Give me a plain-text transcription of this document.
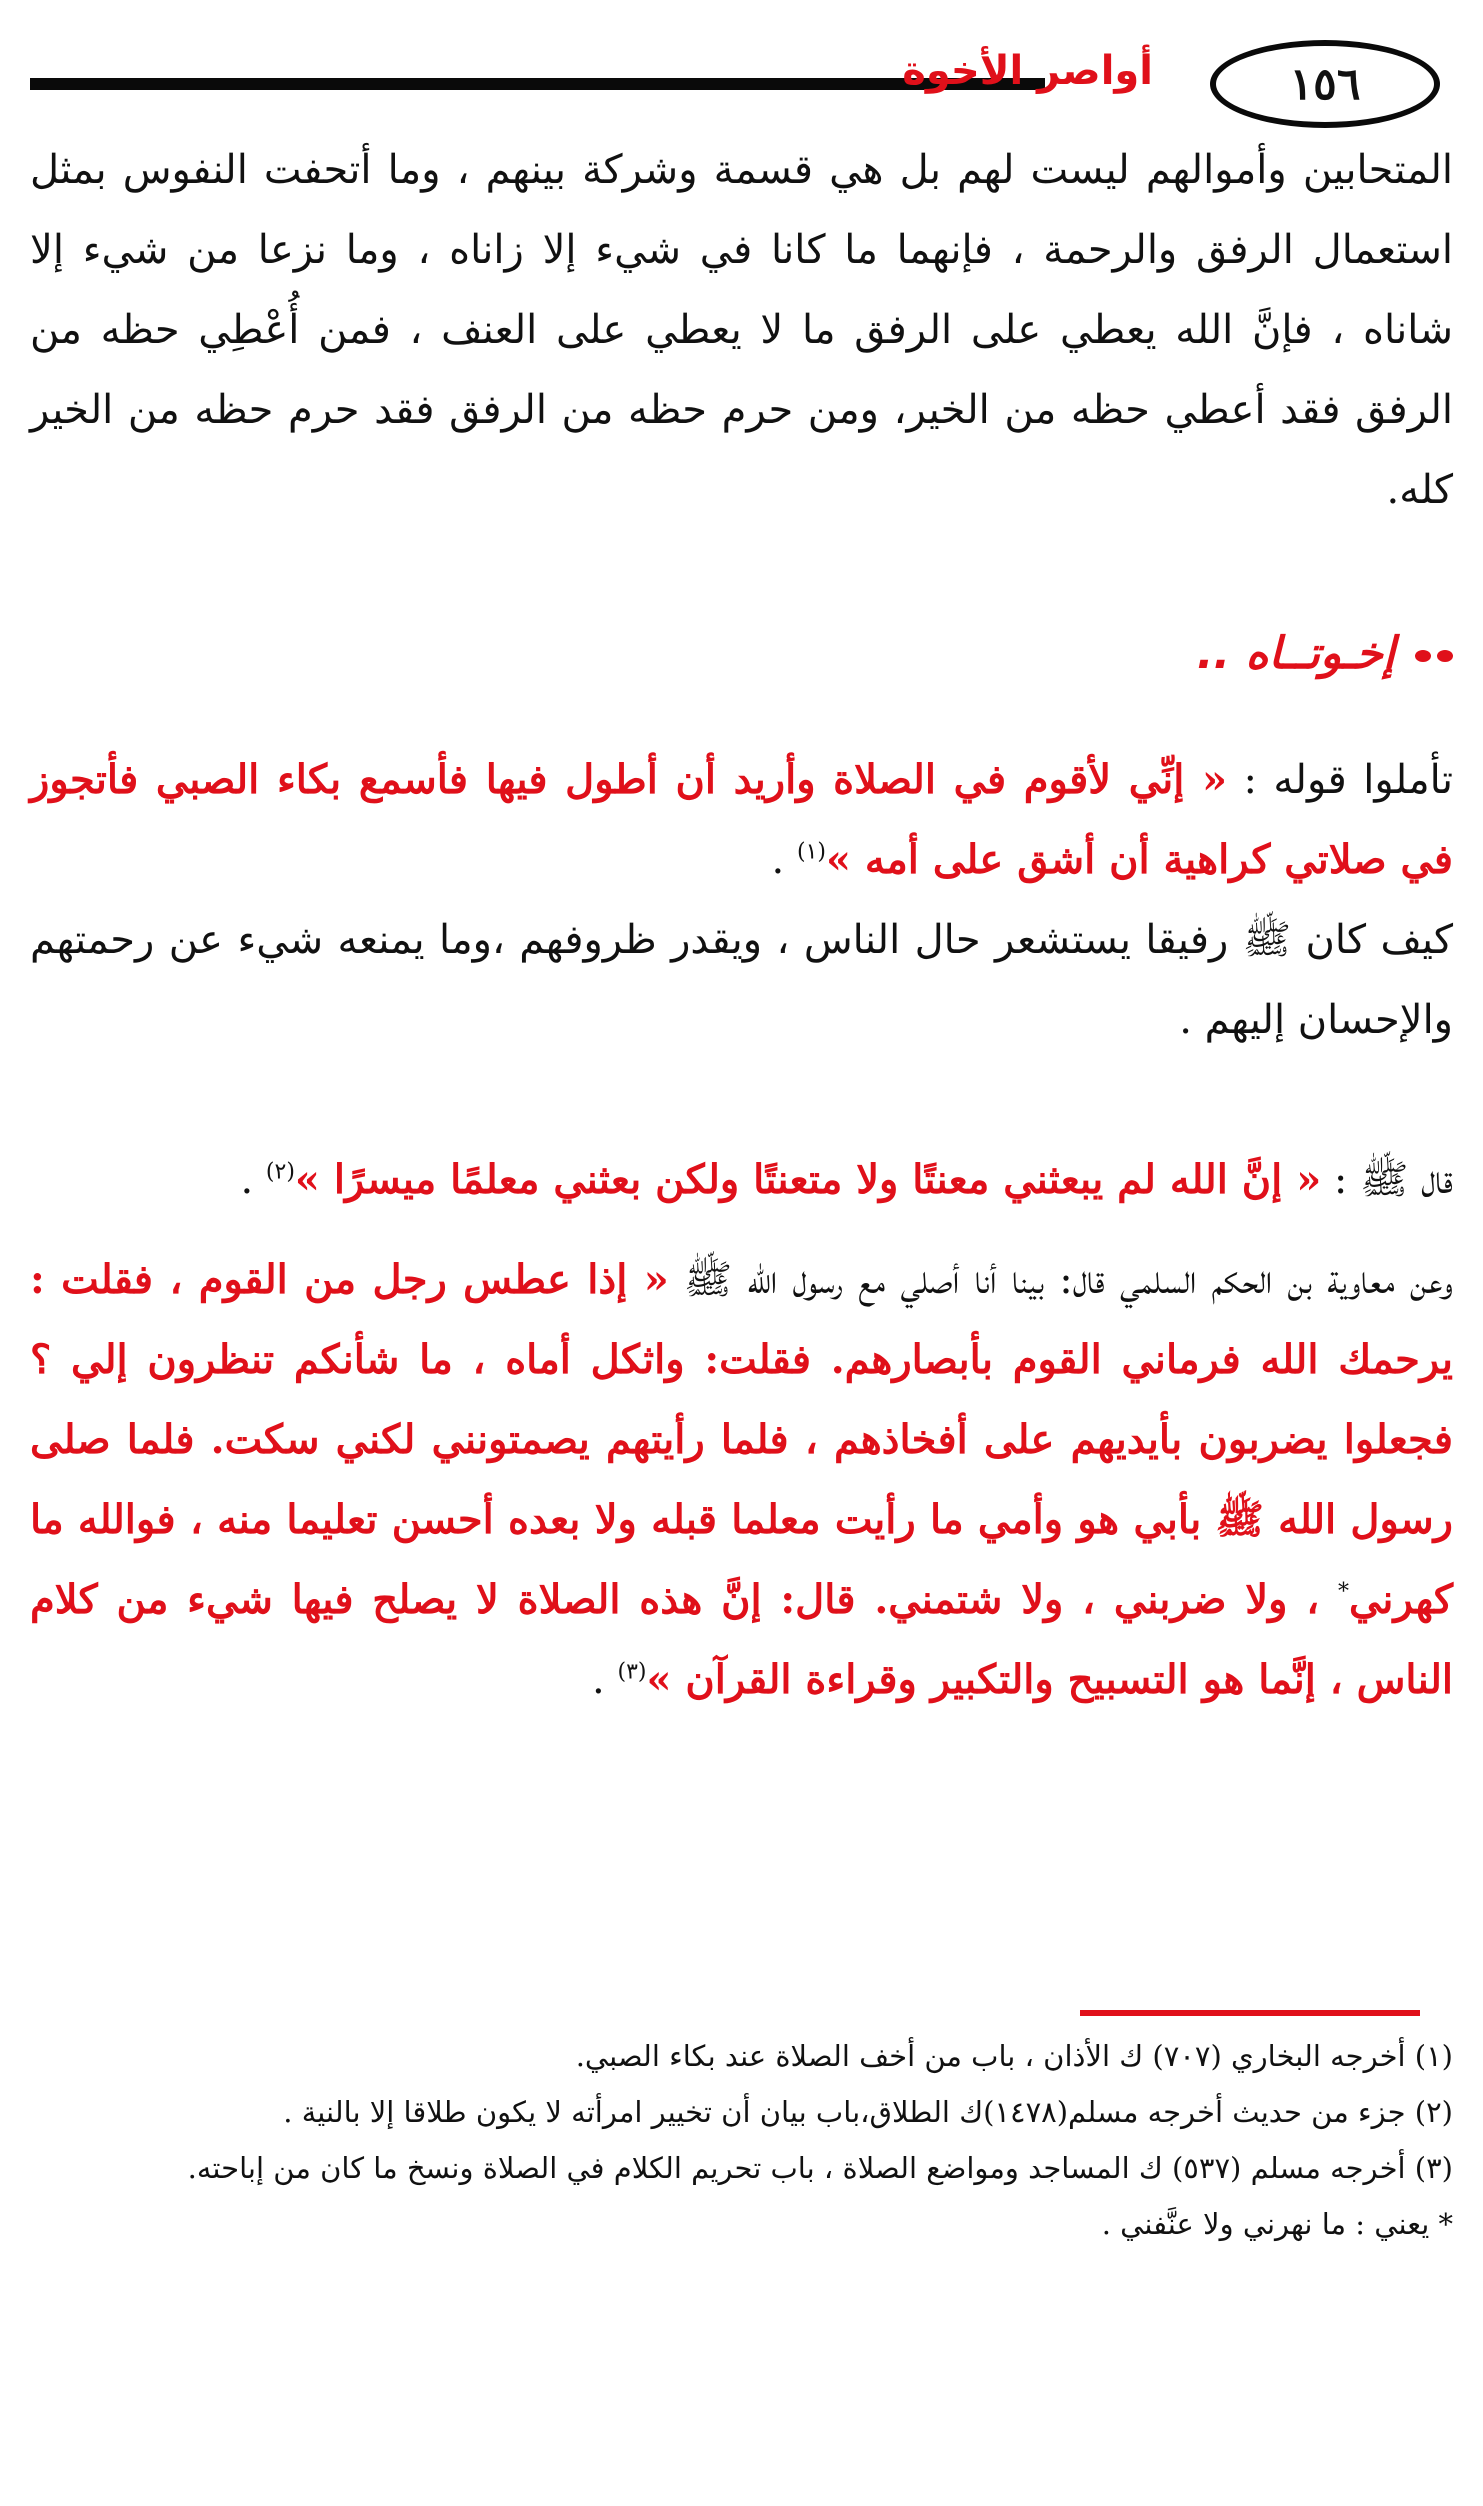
١٥٦
أواصر الأخوة
المتحابين وأموالهم ليست لهم بل هي قسمة وشركة بينهم ، وما أتحفت النفوس بمثل استعمال الرفق والرحمة ، فإنهما ما كانا في شيء إلا زاناه ، وما نزعا من شيء إلا شاناه ، فإنَّ الله يعطي على الرفق ما لا يعطي على العنف ، فمن أُعْطِي حظه من الرفق فقد أعطي حظه من الخير، ومن حرم حظه من الرفق فقد حرم حظه من الخير كله.
إخـوتــاه ..
تأملوا قوله : « إنِّي لأقوم في الصلاة وأريد أن أطول فيها فأسمع بكاء الصبي فأتجوز في صلاتي كراهية أن أشق على أمه »$^{(١)}$ .
كيف كان ﷺ رفيقا يستشعر حال الناس ، ويقدر ظروفهم ،وما يمنعه شيء عن رحمتهم والإحسان إليهم .
قال ﷺ : « إنَّ الله لم يبعثني معنتًا ولا متعنتًا ولكن بعثني معلمًا ميسرًا »$^{(٢)}$ .
وعن معاوية بن الحكم السلمي قال: بينا أنا أصلي مع رسول الله ﷺ « إذا عطس رجل من القوم ، فقلت : يرحمك الله فرماني القوم بأبصارهم. فقلت: واثكل أماه ، ما شأنكم تنظرون إلي ؟ فجعلوا يضربون بأيديهم على أفخاذهم ، فلما رأيتهم يصمتونني لكني سكت. فلما صلى رسول الله ﷺ بأبي هو وأمي ما رأيت معلما قبله ولا بعده أحسن تعليما منه ، فوالله ما كهرني* ، ولا ضربني ، ولا شتمني. قال: إنَّ هذه الصلاة لا يصلح فيها شيء من كلام الناس ، إنَّما هو التسبيح والتكبير وقراءة القرآن »$^{(٣)}$ .
(١) أخرجه البخاري (٧٠٧) ك الأذان ، باب من أخف الصلاة عند بكاء الصبي.
(٢) جزء من حديث أخرجه مسلم(١٤٧٨)ك الطلاق،باب بيان أن تخيير امرأته لا يكون طلاقا إلا بالنية .
(٣) أخرجه مسلم (٥٣٧) ك المساجد ومواضع الصلاة ، باب تحريم الكلام في الصلاة ونسخ ما كان من إباحته.
* يعني : ما نهرني ولا عنَّفني .
